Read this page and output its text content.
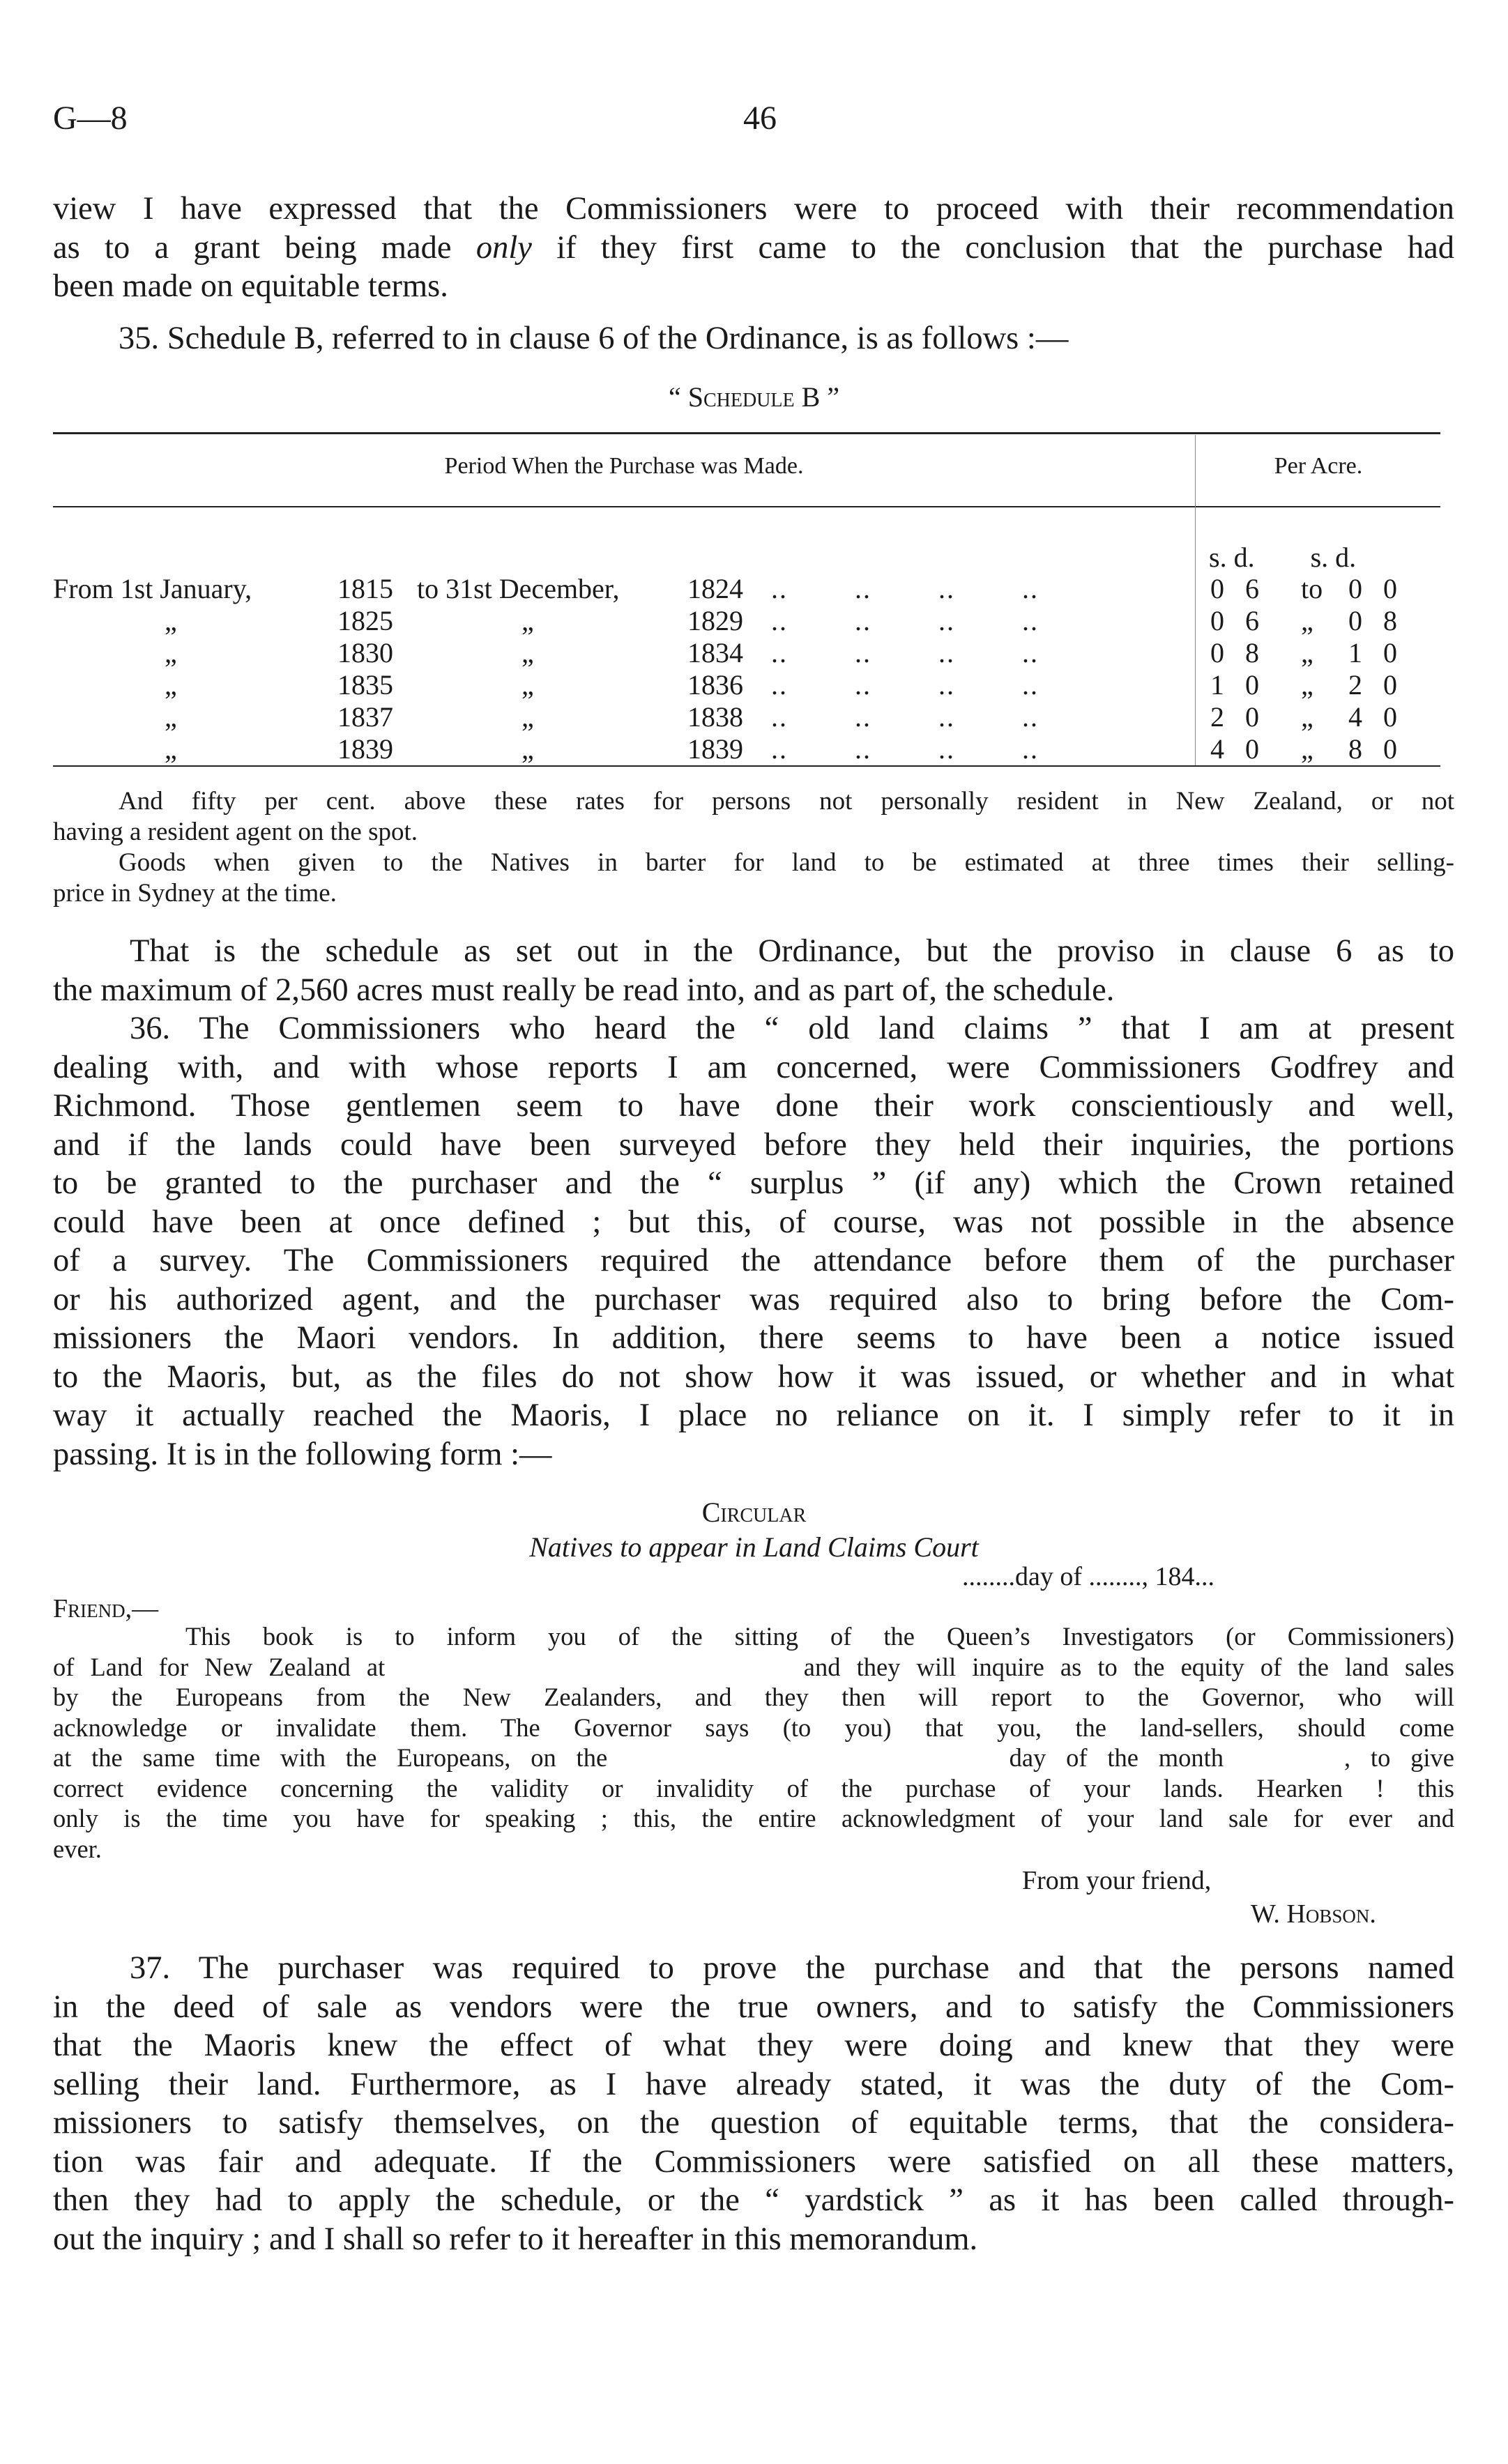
G—8	46
view I have expressed that the Commissioners were to proceed with their recommendation
as to a grant being made only if they first came to the conclusion that the purchase had
been made on equitable terms.
35. Schedule B, referred to in clause 6 of the Ordinance, is as follows :—
“ Schedule B ”
Period When the Purchase was Made.	Per Acre.
s. d.        s. d.
From 1st January,	1815 to 31st December, 1824 ..        ..        ..        ..	0   6 to 0   0
„	1825	„	1829 ..        ..        ..        ..	0   6 „ 0   8
„	1830	„	1834 ..        ..        ..        ..	0   8 „ 1   0
„	1835	„	1836 ..        ..        ..        ..	1   0 „ 2   0
„	1837	„	1838 ..        ..        ..        ..	2   0 „ 4   0
„	1839	„	1839 ..        ..        ..        ..	4   0 „ 8   0
And fifty per cent. above these rates for persons not personally resident in New Zealand, or not
having a resident agent on the spot.
Goods when given to the Natives in barter for land to be estimated at three times their selling-
price in Sydney at the time.
That is the schedule as set out in the Ordinance, but the proviso in clause 6 as to
the maximum of 2,560 acres must really be read into, and as part of, the schedule.
36. The Commissioners who heard the “ old land claims ” that I am at present
dealing with, and with whose reports I am concerned, were Commissioners Godfrey and
Richmond. Those gentlemen seem to have done their work conscientiously and well,
and if the lands could have been surveyed before they held their inquiries, the portions
to be granted to the purchaser and the “ surplus ” (if any) which the Crown retained
could have been at once defined ; but this, of course, was not possible in the absence
of a survey. The Commissioners required the attendance before them of the purchaser
or his authorized agent, and the purchaser was required also to bring before the Com-
missioners the Maori vendors. In addition, there seems to have been a notice issued
to the Maoris, but, as the files do not show how it was issued, or whether and in what
way it actually reached the Maoris, I place no reliance on it. I simply refer to it in
passing. It is in the following form :—
Circular
Natives to appear in Land Claims Court
........day of ........, 184...
Friend,—
This book is to inform you of the sitting of the Queen’s Investigators (or Commissioners)
of Land for New Zealand at                          and they will inquire as to the equity of the land sales
by the Europeans from the New Zealanders, and they then will report to the Governor, who will
acknowledge or invalidate them. The Governor says (to you) that you, the land-sellers, should come
at the same time with the Europeans, on the                    day of the month      , to give
correct evidence concerning the validity or invalidity of the purchase of your lands. Hearken ! this
only is the time you have for speaking ; this, the entire acknowledgment of your land sale for ever and
ever.
From your friend,
W. Hobson.
37. The purchaser was required to prove the purchase and that the persons named
in the deed of sale as vendors were the true owners, and to satisfy the Commissioners
that the Maoris knew the effect of what they were doing and knew that they were
selling their land. Furthermore, as I have already stated, it was the duty of the Com-
missioners to satisfy themselves, on the question of equitable terms, that the considera-
tion was fair and adequate. If the Commissioners were satisfied on all these matters,
then they had to apply the schedule, or the “ yardstick ” as it has been called through-
out the inquiry ; and I shall so refer to it hereafter in this memorandum.
